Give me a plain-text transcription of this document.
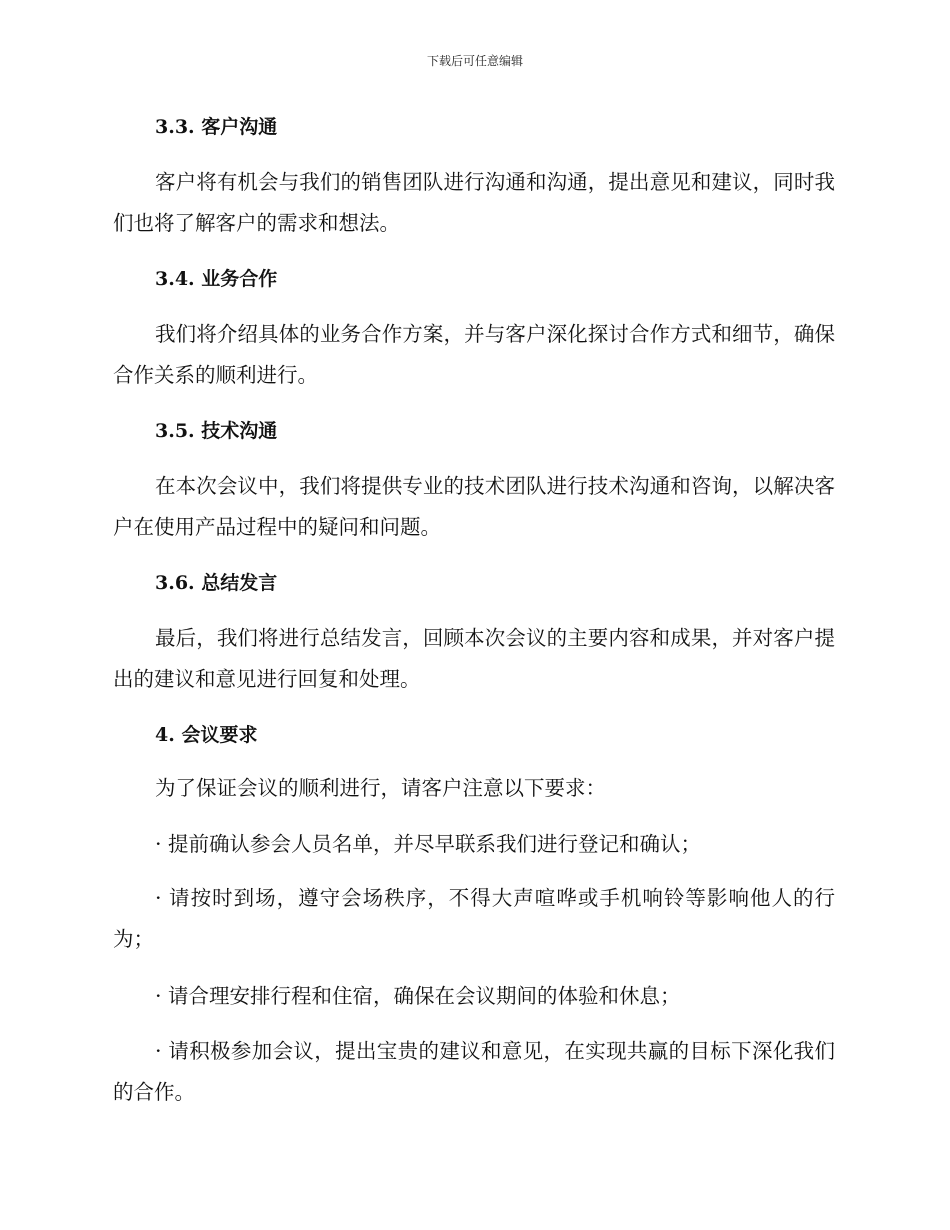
下载后可任意编辑
3.3. 客户沟通

客户将有机会与我们的销售团队进行沟通和沟通，提出意见和建议，同时我们也将了解客户的需求和想法。

3.4. 业务合作

我们将介绍具体的业务合作方案，并与客户深化探讨合作方式和细节，确保合作关系的顺利进行。

3.5. 技术沟通

在本次会议中，我们将提供专业的技术团队进行技术沟通和咨询，以解决客户在使用产品过程中的疑问和问题。

3.6. 总结发言

最后，我们将进行总结发言，回顾本次会议的主要内容和成果，并对客户提出的建议和意见进行回复和处理。

4. 会议要求

为了保证会议的顺利进行，请客户注意以下要求：

· 提前确认参会人员名单，并尽早联系我们进行登记和确认；

· 请按时到场，遵守会场秩序，不得大声喧哗或手机响铃等影响他人的行为；

· 请合理安排行程和住宿，确保在会议期间的体验和休息；

· 请积极参加会议，提出宝贵的建议和意见，在实现共赢的目标下深化我们的合作。
